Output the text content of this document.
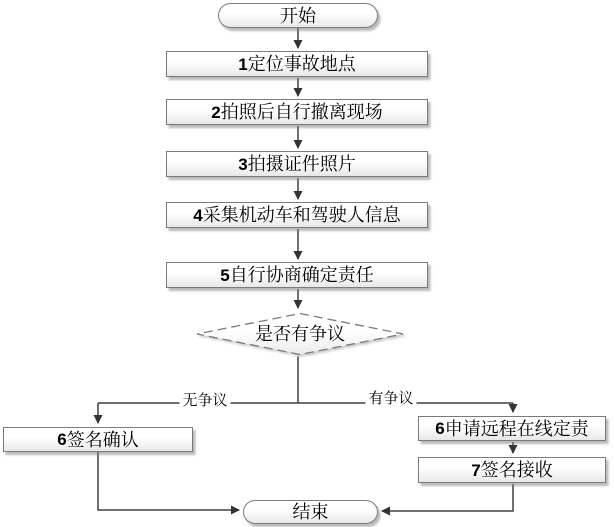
开始
1 定位事故地点
2 拍照后自行撤离现场
3 拍摄证件照片
4 采集机动车和驾驶人信息
5 自行协商确定责任
是否有争议
无争议	有争议
6 签名确认
6 申请远程在线定责
7 签名接收
结束
